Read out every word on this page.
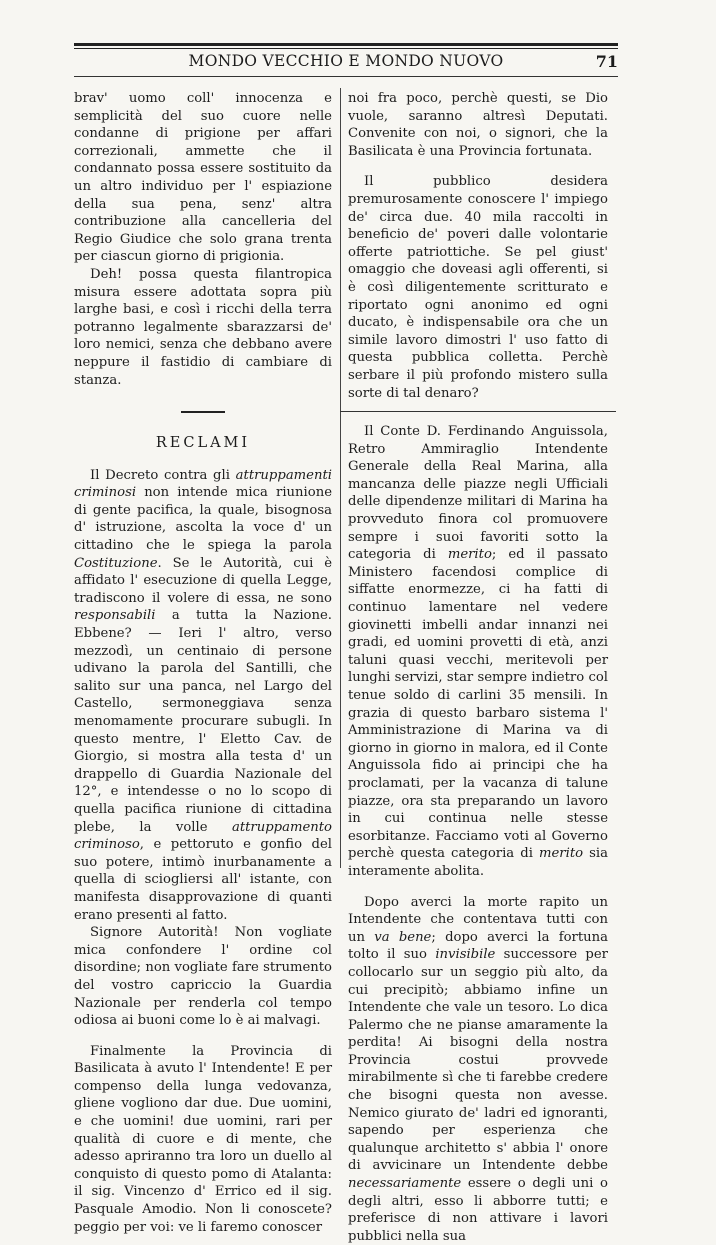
MONDO VECCHIO E MONDO NUOVO	71

brav' uomo coll' innocenza e semplicità del suo cuore nelle condanne di prigione per affari correzionali, ammette che il condannato possa essere sostituito da un altro individuo per l' espiazione della sua pena, senz' altra contribuzione alla cancelleria del Regio Giudice che solo grana trenta per ciascun giorno di prigionia.

Deh! possa questa filantropica misura essere adottata sopra più larghe basi, e così i ricchi della terra potranno legalmente sbarazzarsi de' loro nemici, senza che debbano avere neppure il fastidio di cambiare di stanza.

RECLAMI

Il Decreto contra gli attruppamenti criminosi non intende mica riunione di gente pacifica, la quale, bisognosa d' istruzione, ascolta la voce d' un cittadino che le spiega la parola Costituzione. Se le Autorità, cui è affidato l' esecuzione di quella Legge, tradiscono il volere di essa, ne sono responsabili a tutta la Nazione. Ebbene? — Ieri l' altro, verso mezzodì, un centinaio di persone udivano la parola del Santilli, che salito sur una panca, nel Largo del Castello, sermoneggiava senza menomamente procurare subugli. In questo mentre, l' Eletto Cav. de Giorgio, si mostra alla testa d' un drappello di Guardia Nazionale del 12°, e intendesse o no lo scopo di quella pacifica riunione di cittadina plebe, la volle attruppamento criminoso, e pettoruto e gonfio del suo potere, intimò inurbanamente a quella di sciogliersi all' istante, con manifesta disapprovazione di quanti erano presenti al fatto.

Signore Autorità! Non vogliate mica confondere l' ordine col disordine; non vogliate fare strumento del vostro capriccio la Guardia Nazionale per renderla col tempo odiosa ai buoni come lo è ai malvagi.

Finalmente la Provincia di Basilicata à avuto l' Intendente! E per compenso della lunga vedovanza, gliene vogliono dar due. Due uomini, e che uomini! due uomini, rari per qualità di cuore e di mente, che adesso apriranno tra loro un duello al conquisto di questo pomo di Atalanta: il sig. Vincenzo d' Errico ed il sig. Pasquale Amodio. Non li conoscete? peggio per voi: ve li faremo conoscer

noi fra poco, perchè questi, se Dio vuole, saranno altresì Deputati. Convenite con noi, o signori, che la Basilicata è una Provincia fortunata.

Il pubblico desidera premurosamente conoscere l' impiego de' circa due. 40 mila raccolti in beneficio de' poveri dalle volontarie offerte patriottiche. Se pel giust' omaggio che doveasi agli offerenti, si è così diligentemente scritturato e riportato ogni anonimo ed ogni ducato, è indispensabile ora che un simile lavoro dimostri l' uso fatto di questa pubblica colletta. Perchè serbare il più profondo mistero sulla sorte di tal denaro?

Il Conte D. Ferdinando Anguissola, Retro Ammiraglio Intendente Generale della Real Marina, alla mancanza delle piazze negli Ufficiali delle dipendenze militari di Marina ha provveduto finora col promuovere sempre i suoi favoriti sotto la categoria di merito; ed il passato Ministero facendosi complice di siffatte enormezze, ci ha fatti di continuo lamentare nel vedere giovinetti imbelli andar innanzi nei gradi, ed uomini provetti di età, anzi taluni quasi vecchi, meritevoli per lunghi servizi, star sempre indietro col tenue soldo di carlini 35 mensili. In grazia di questo barbaro sistema l' Amministrazione di Marina va di giorno in giorno in malora, ed il Conte Anguissola fido ai principi che ha proclamati, per la vacanza di talune piazze, ora sta preparando un lavoro in cui continua nelle stesse esorbitanze. Facciamo voti al Governo perchè questa categoria di merito sia interamente abolita.

Dopo averci la morte rapito un Intendente che contentava tutti con un va bene; dopo averci la fortuna tolto il suo invisibile successore per collocarlo sur un seggio più alto, da cui precipitò; abbiamo infine un Intendente che vale un tesoro. Lo dica Palermo che ne pianse amaramente la perdita! Ai bisogni della nostra Provincia costui provvede mirabilmente sì che ti farebbe credere che bisogni questa non avesse. Nemico giurato de' ladri ed ignoranti, sapendo per esperienza che qualunque architetto s' abbia l' onore di avvicinare un Intendente debbe necessariamente essere o degli uni o degli altri, esso li abborre tutti; e preferisce di non attivare i lavori pubblici nella sua
